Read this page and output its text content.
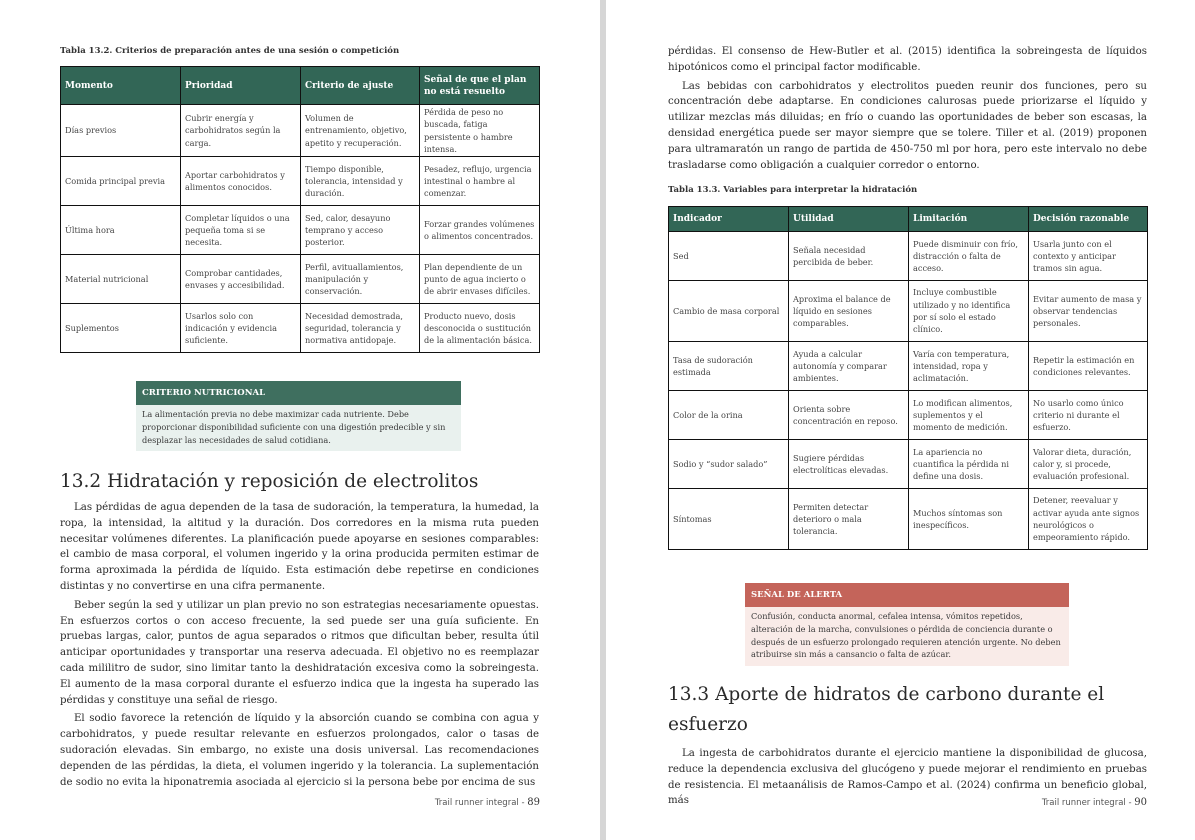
Tabla 13.2. Criterios de preparación antes de una sesión o competición
Momento	Prioridad	Criterio de ajuste	Señal de que el plan no está resuelto
Días previos	Cubrir energía y carbohidratos según la carga.	Volumen de entrenamiento, objetivo, apetito y recuperación.	Pérdida de peso no buscada, fatiga persistente o hambre intensa.
Comida principal previa	Aportar carbohidratos y alimentos conocidos.	Tiempo disponible, tolerancia, intensidad y duración.	Pesadez, reflujo, urgencia intestinal o hambre al comenzar.
Última hora	Completar líquidos o una pequeña toma si se necesita.	Sed, calor, desayuno temprano y acceso posterior.	Forzar grandes volúmenes o alimentos concentrados.
Material nutricional	Comprobar cantidades, envases y accesibilidad.	Perfil, avituallamientos, manipulación y conservación.	Plan dependiente de un punto de agua incierto o de abrir envases difíciles.
Suplementos	Usarlos solo con indicación y evidencia suficiente.	Necesidad demostrada, seguridad, tolerancia y normativa antidopaje.	Producto nuevo, dosis desconocida o sustitución de la alimentación básica.
CRITERIO NUTRICIONAL
La alimentación previa no debe maximizar cada nutriente. Debe proporcionar disponibilidad suficiente con una digestión predecible y sin desplazar las necesidades de salud cotidiana.
13.2 Hidratación y reposición de electrolitos

Las pérdidas de agua dependen de la tasa de sudoración, la temperatura, la humedad, la ropa, la intensidad, la altitud y la duración. Dos corredores en la misma ruta pueden necesitar volúmenes diferentes. La planificación puede apoyarse en sesiones comparables: el cambio de masa corporal, el volumen ingerido y la orina producida permiten estimar de forma aproximada la pérdida de líquido. Esta estimación debe repetirse en condiciones distintas y no convertirse en una cifra permanente.

Beber según la sed y utilizar un plan previo no son estrategias necesariamente opuestas. En esfuerzos cortos o con acceso frecuente, la sed puede ser una guía suficiente. En pruebas largas, calor, puntos de agua separados o ritmos que dificultan beber, resulta útil anticipar oportunidades y transportar una reserva adecuada. El objetivo no es reemplazar cada mililitro de sudor, sino limitar tanto la deshidratación excesiva como la sobreingesta. El aumento de la masa corporal durante el esfuerzo indica que la ingesta ha superado las pérdidas y constituye una señal de riesgo.

El sodio favorece la retención de líquido y la absorción cuando se combina con agua y carbohidratos, y puede resultar relevante en esfuerzos prolongados, calor o tasas de sudoración elevadas. Sin embargo, no existe una dosis universal. Las recomendaciones dependen de las pérdidas, la dieta, el volumen ingerido y la tolerancia. La suplementación de sodio no evita la hiponatremia asociada al ejercicio si la persona bebe por encima de sus

Trail runner integral - 89

pérdidas. El consenso de Hew-Butler et al. (2015) identifica la sobreingesta de líquidos hipotónicos como el principal factor modificable.

Las bebidas con carbohidratos y electrolitos pueden reunir dos funciones, pero su concentración debe adaptarse. En condiciones calurosas puede priorizarse el líquido y utilizar mezclas más diluidas; en frío o cuando las oportunidades de beber son escasas, la densidad energética puede ser mayor siempre que se tolere. Tiller et al. (2019) proponen para ultramaratón un rango de partida de 450-750 ml por hora, pero este intervalo no debe trasladarse como obligación a cualquier corredor o entorno.

Tabla 13.3. Variables para interpretar la hidratación
Indicador	Utilidad	Limitación	Decisión razonable
Sed	Señala necesidad percibida de beber.	Puede disminuir con frío, distracción o falta de acceso.	Usarla junto con el contexto y anticipar tramos sin agua.
Cambio de masa corporal	Aproxima el balance de líquido en sesiones comparables.	Incluye combustible utilizado y no identifica por sí solo el estado clínico.	Evitar aumento de masa y observar tendencias personales.
Tasa de sudoración estimada	Ayuda a calcular autonomía y comparar ambientes.	Varía con temperatura, intensidad, ropa y aclimatación.	Repetir la estimación en condiciones relevantes.
Color de la orina	Orienta sobre concentración en reposo.	Lo modifican alimentos, suplementos y el momento de medición.	No usarlo como único criterio ni durante el esfuerzo.
Sodio y “sudor salado”	Sugiere pérdidas electrolíticas elevadas.	La apariencia no cuantifica la pérdida ni define una dosis.	Valorar dieta, duración, calor y, si procede, evaluación profesional.
Síntomas	Permiten detectar deterioro o mala tolerancia.	Muchos síntomas son inespecíficos.	Detener, reevaluar y activar ayuda ante signos neurológicos o empeoramiento rápido.
SEÑAL DE ALERTA
Confusión, conducta anormal, cefalea intensa, vómitos repetidos, alteración de la marcha, convulsiones o pérdida de conciencia durante o después de un esfuerzo prolongado requieren atención urgente. No deben atribuirse sin más a cansancio o falta de azúcar.
13.3 Aporte de hidratos de carbono durante el esfuerzo

La ingesta de carbohidratos durante el ejercicio mantiene la disponibilidad de glucosa, reduce la dependencia exclusiva del glucógeno y puede mejorar el rendimiento en pruebas de resistencia. El metaanálisis de Ramos-Campo et al. (2024) confirma un beneficio global, más	Trail runner integral - 90
